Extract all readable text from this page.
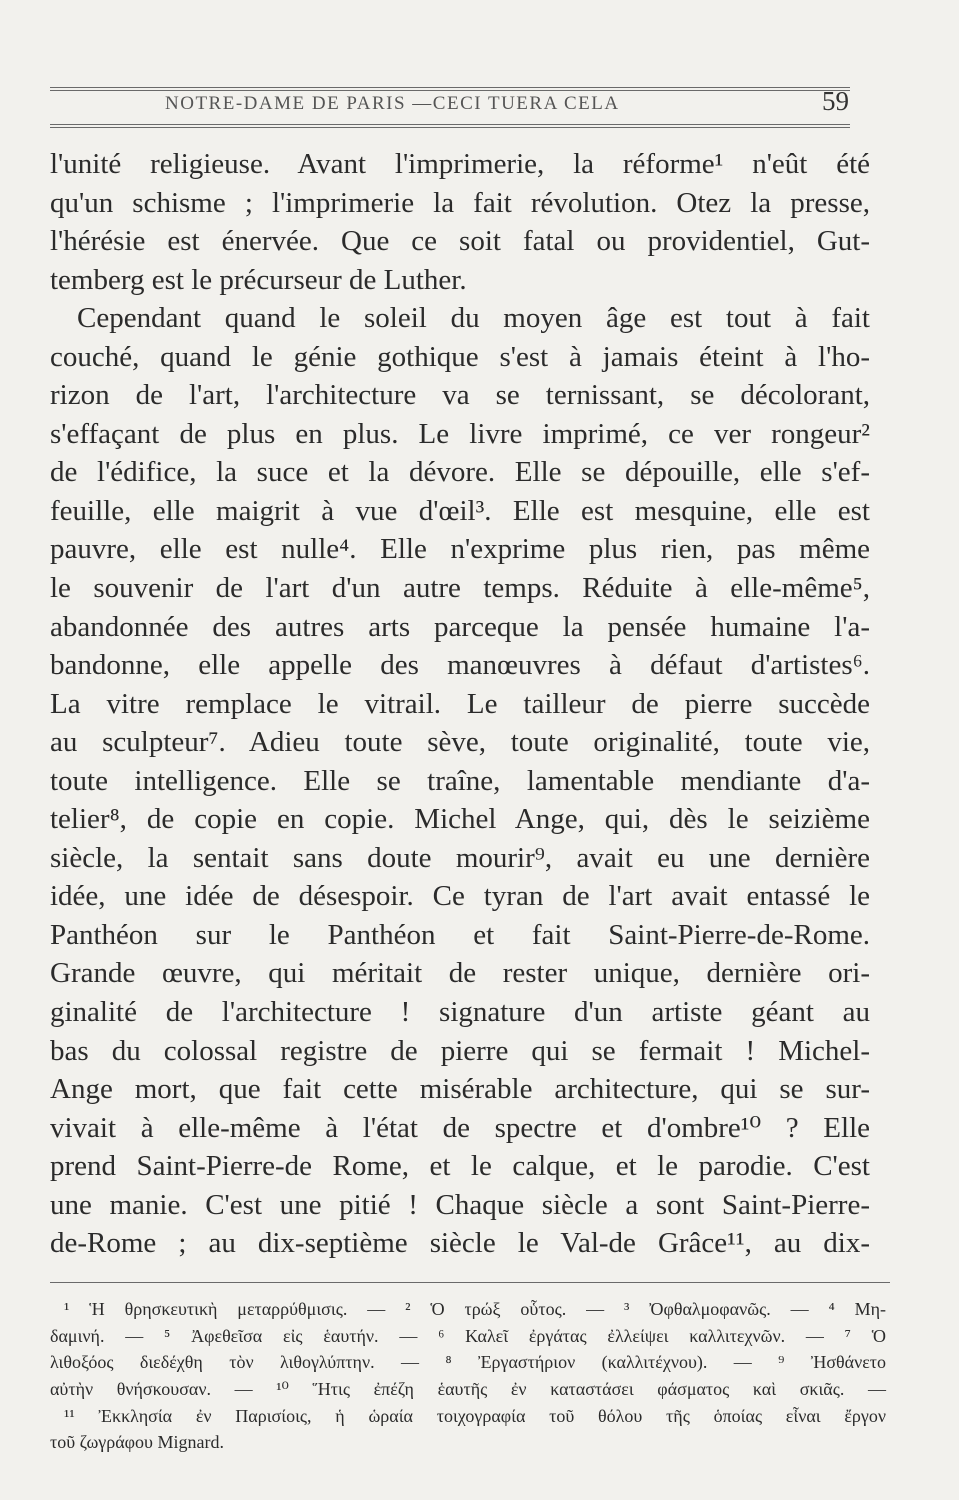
NOTRE-DAME DE PARIS —CECI TUERA CELA	59
l'unité religieuse. Avant l'imprimerie, la réforme¹ n'eût été
qu'un schisme ; l'imprimerie la fait révolution. Otez la presse,
l'hérésie est énervée. Que ce soit fatal ou providentiel, Gut-
temberg est le précurseur de Luther.
Cependant quand le soleil du moyen âge est tout à fait
couché, quand le génie gothique s'est à jamais éteint à l'ho-
rizon de l'art, l'architecture va se ternissant, se décolorant,
s'effaçant de plus en plus. Le livre imprimé, ce ver rongeur²
de l'édifice, la suce et la dévore. Elle se dépouille, elle s'ef-
feuille, elle maigrit à vue d'œil³. Elle est mesquine, elle est
pauvre, elle est nulle⁴. Elle n'exprime plus rien, pas même
le souvenir de l'art d'un autre temps. Réduite à elle-même⁵,
abandonnée des autres arts parceque la pensée humaine l'a-
bandonne, elle appelle des manœuvres à défaut d'artistes⁶.
La vitre remplace le vitrail. Le tailleur de pierre succède
au sculpteur⁷. Adieu toute sève, toute originalité, toute vie,
toute intelligence. Elle se traîne, lamentable mendiante d'a-
telier⁸, de copie en copie. Michel Ange, qui, dès le seizième
siècle, la sentait sans doute mourir⁹, avait eu une dernière
idée, une idée de désespoir. Ce tyran de l'art avait entassé le
Panthéon sur le Panthéon et fait Saint-Pierre-de-Rome.
Grande œuvre, qui méritait de rester unique, dernière ori-
ginalité de l'architecture ! signature d'un artiste géant au
bas du colossal registre de pierre qui se fermait ! Michel-
Ange mort, que fait cette misérable architecture, qui se sur-
vivait à elle-même à l'état de spectre et d'ombre¹⁰ ? Elle
prend Saint-Pierre-de Rome, et le calque, et le parodie. C'est
une manie. C'est une pitié ! Chaque siècle a sont Saint-Pierre-
de-Rome ; au dix-septième siècle le Val-de Grâce¹¹, au dix-
¹ Ἡ θρησκευτικὴ μεταρρύθμισις. — ² Ὁ τρώξ οὗτος. — ³ Ὀφθαλμοφανῶς. — ⁴ Μη-
δαμινή. — ⁵ Ἀφεθεῖσα εἰς ἑαυτήν. — ⁶ Καλεῖ ἐργάτας ἐλλείψει καλλιτεχνῶν. — ⁷ Ὁ
λιθοξόος διεδέχθη τὸν λιθογλύπτην. — ⁸ Ἐργαστήριον (καλλιτέχνου). — ⁹ Ἠσθάνετο
αὐτὴν θνήσκουσαν. — ¹⁰ Ἥτις ἐπέζη ἑαυτῆς ἐν καταστάσει φάσματος καὶ σκιᾶς. —
¹¹ Ἐκκλησία ἐν Παρισίοις, ἡ ὡραία τοιχογραφία τοῦ θόλου τῆς ὁποίας εἶναι ἔργον
τοῦ ζωγράφου Mignard.
